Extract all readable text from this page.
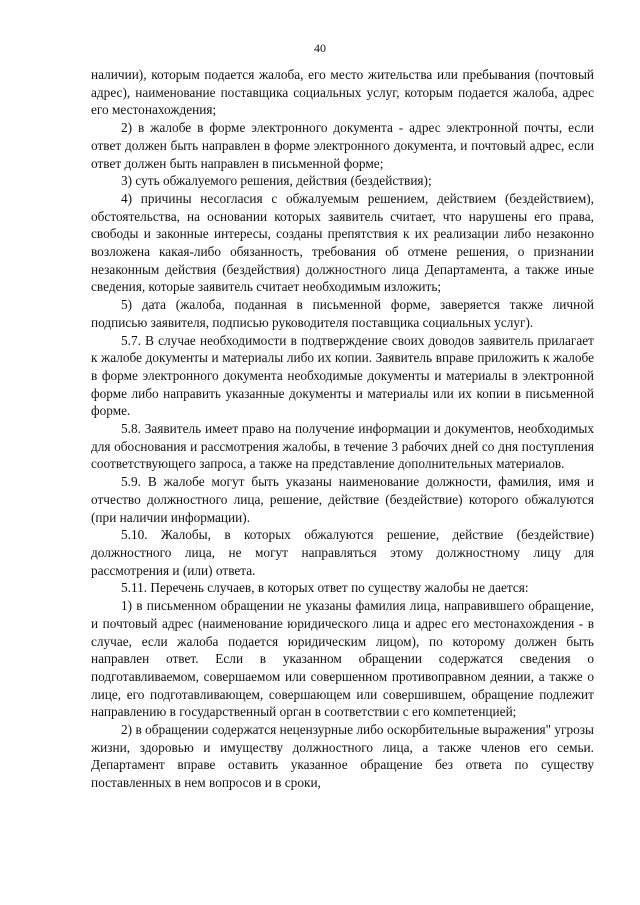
40

наличии), которым подается жалоба, его место жительства или пребывания (почтовый адрес), наименование поставщика социальных услуг, которым подается жалоба, адрес его местонахождения;

2) в жалобе в форме электронного документа - адрес электронной почты, если ответ должен быть направлен в форме электронного документа, и почтовый адрес, если ответ должен быть направлен в письменной форме;

3) суть обжалуемого решения, действия (бездействия);

4) причины несогласия с обжалуемым решением, действием (бездействием), обстоятельства, на основании которых заявитель считает, что нарушены его права, свободы и законные интересы, созданы препятствия к их реализации либо незаконно возложена какая-либо обязанность, требования об отмене решения, о признании незаконным действия (бездействия) должностного лица Департамента, а также иные сведения, которые заявитель считает необходимым изложить;

5) дата (жалоба, поданная в письменной форме, заверяется также личной подписью заявителя, подписью руководителя поставщика социальных услуг).

5.7. В случае необходимости в подтверждение своих доводов заявитель прилагает к жалобе документы и материалы либо их копии. Заявитель вправе приложить к жалобе в форме электронного документа необходимые документы и материалы в электронной форме либо направить указанные документы и материалы или их копии в письменной форме.

5.8. Заявитель имеет право на получение информации и документов, необходимых для обоснования и рассмотрения жалобы, в течение 3 рабочих дней со дня поступления соответствующего запроса, а также на представление дополнительных материалов.

5.9. В жалобе могут быть указаны наименование должности, фамилия, имя и отчество должностного лица, решение, действие (бездействие) которого обжалуются (при наличии информации).

5.10. Жалобы, в которых обжалуются решение, действие (бездействие) должностного лица, не могут направляться этому должностному лицу для рассмотрения и (или) ответа.

5.11. Перечень случаев, в которых ответ по существу жалобы не дается:

1) в письменном обращении не указаны фамилия лица, направившего обращение, и почтовый адрес (наименование юридического лица и адрес его местонахождения - в случае, если жалоба подается юридическим лицом), по которому должен быть направлен ответ. Если в указанном обращении содержатся сведения о подготавливаемом, совершаемом или совершенном противоправном деянии, а также о лице, его подготавливающем, совершающем или совершившем, обращение подлежит направлению в государственный орган в соответствии с его компетенцией;

2) в обращении содержатся нецензурные либо оскорбительные выражения" угрозы жизни, здоровью и имуществу должностного лица, а также членов его семьи. Департамент вправе оставить указанное обращение без ответа по существу поставленных в нем вопросов и в сроки,
